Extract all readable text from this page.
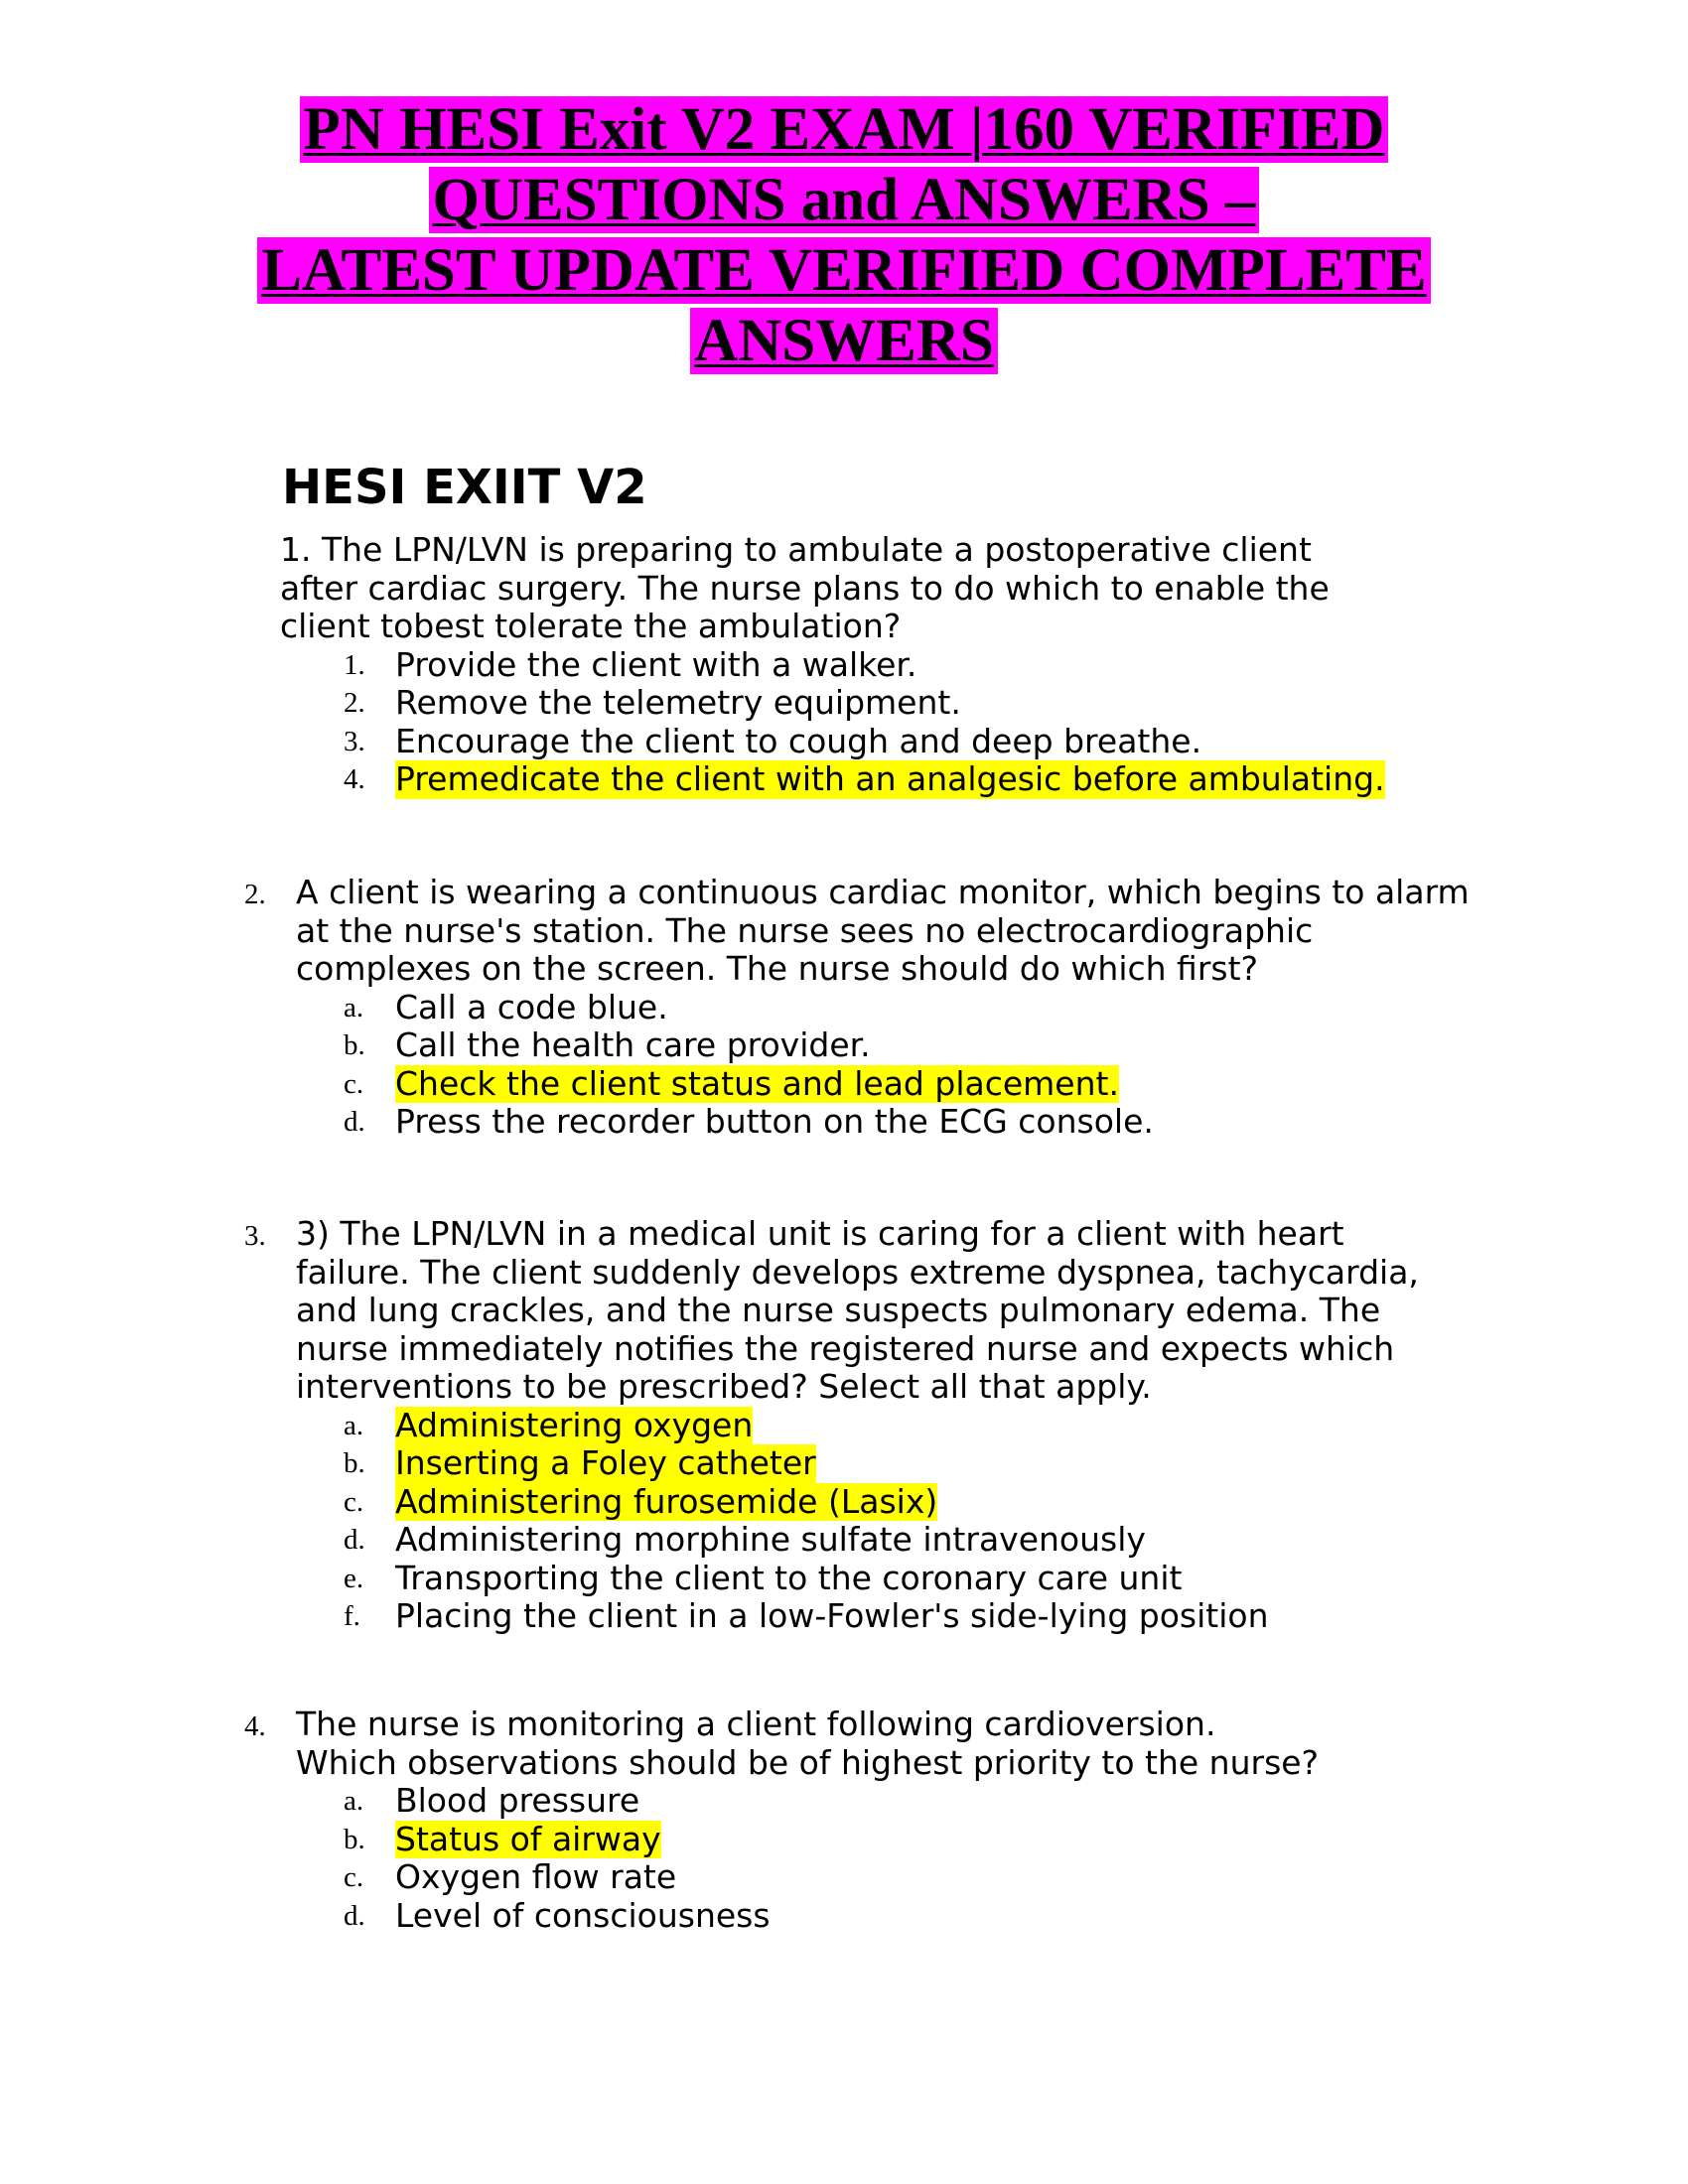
PN HESI Exit V2 EXAM |160 VERIFIED
QUESTIONS and ANSWERS –
LATEST UPDATE VERIFIED COMPLETE
ANSWERS
HESI EXIIT V2
1. The LPN/LVN is preparing to ambulate a postoperative client
after cardiac surgery. The nurse plans to do which to enable the
client tobest tolerate the ambulation?
1. Provide the client with a walker.
2. Remove the telemetry equipment.
3. Encourage the client to cough and deep breathe.
4. Premedicate the client with an analgesic before ambulating.
2. A client is wearing a continuous cardiac monitor, which begins to alarm
at the nurse's station. The nurse sees no electrocardiographic
complexes on the screen. The nurse should do which first?
a. Call a code blue.
b. Call the health care provider.
c. Check the client status and lead placement.
d. Press the recorder button on the ECG console.
3. 3) The LPN/LVN in a medical unit is caring for a client with heart
failure. The client suddenly develops extreme dyspnea, tachycardia,
and lung crackles, and the nurse suspects pulmonary edema. The
nurse immediately notifies the registered nurse and expects which
interventions to be prescribed? Select all that apply.
a. Administering oxygen
b. Inserting a Foley catheter
c. Administering furosemide (Lasix)
d. Administering morphine sulfate intravenously
e. Transporting the client to the coronary care unit
f.	Placing the client in a low-Fowler's side-lying position
4. The nurse is monitoring a client following cardioversion.
Which observations should be of highest priority to the nurse?
a. Blood pressure
b. Status of airway
c. Oxygen flow rate
d. Level of consciousness
